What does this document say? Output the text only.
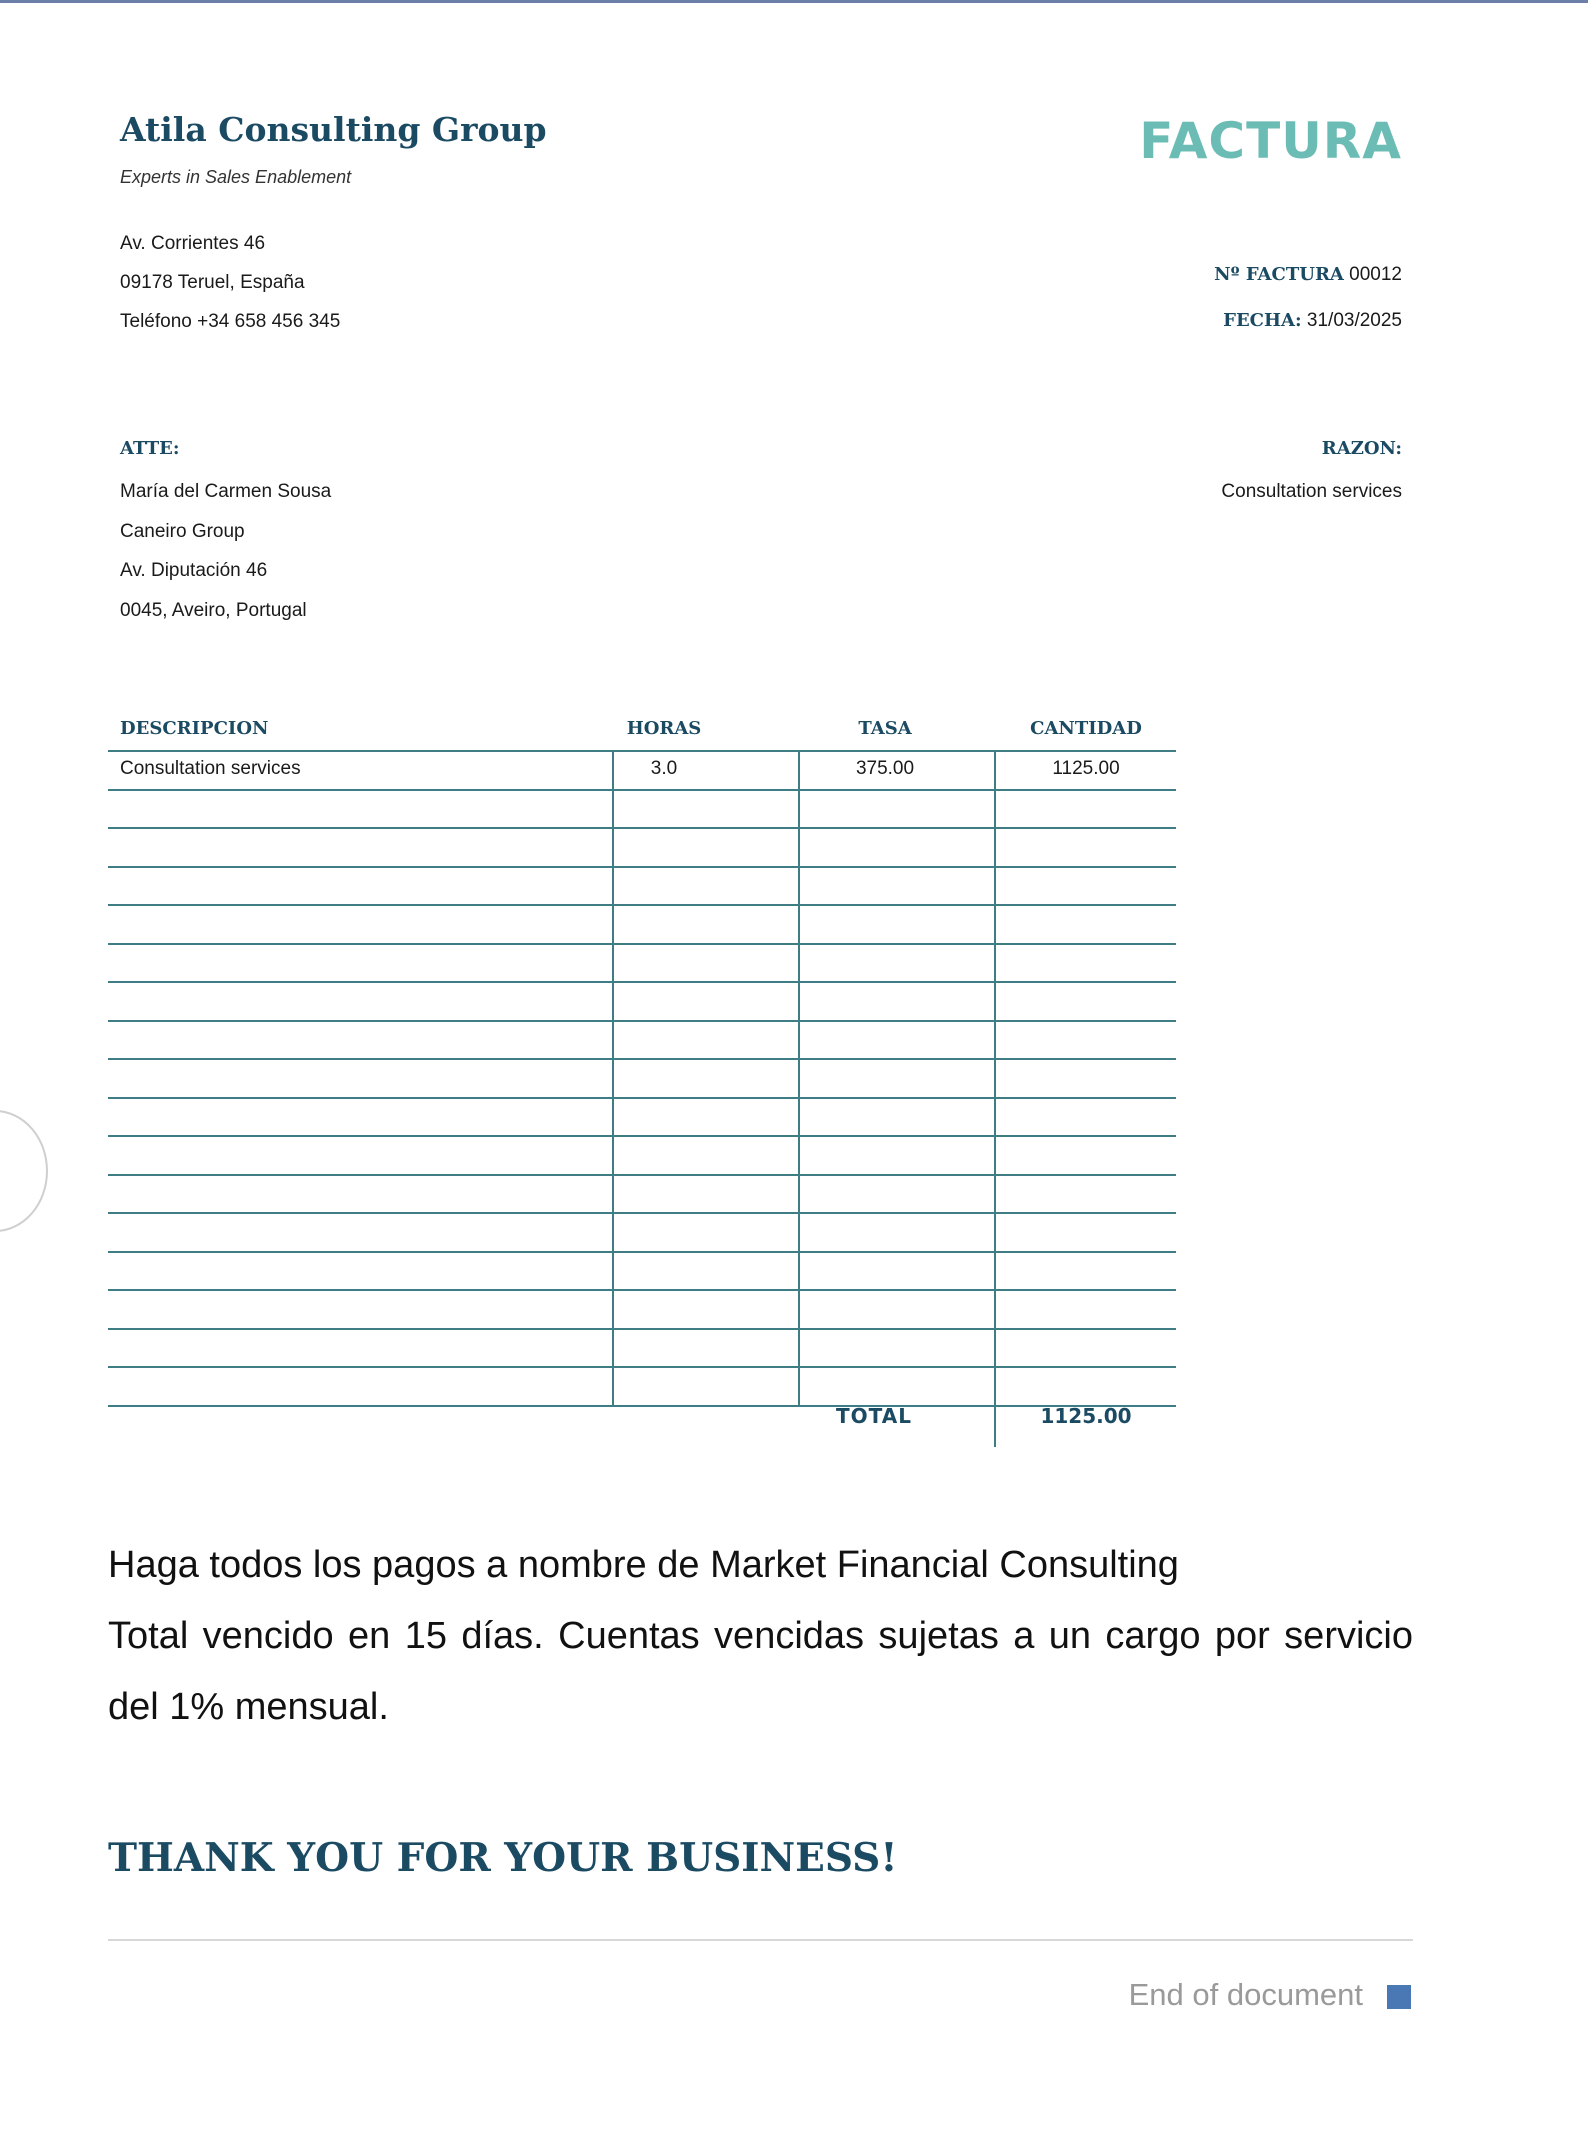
Atila Consulting Group
Experts in Sales Enablement
FACTURA
Av. Corrientes 46
09178 Teruel, España
Teléfono +34 658 456 345
Nº FACTURA 00012
FECHA: 31/03/2025
ATTE:
María del Carmen Sousa
Caneiro Group
Av. Diputación 46
0045, Aveiro, Portugal
RAZON:
Consultation services
DESCRIPCION	HORAS	TASA	CANTIDAD
Consultation services	3.0	375.00	1125.00
TOTAL	1125.00

Haga todos los pagos a nombre de Market Financial Consulting

Total vencido en 15 días. Cuentas vencidas sujetas a un cargo por servicio del 1% mensual.

THANK YOU FOR YOUR BUSINESS!
End of document
